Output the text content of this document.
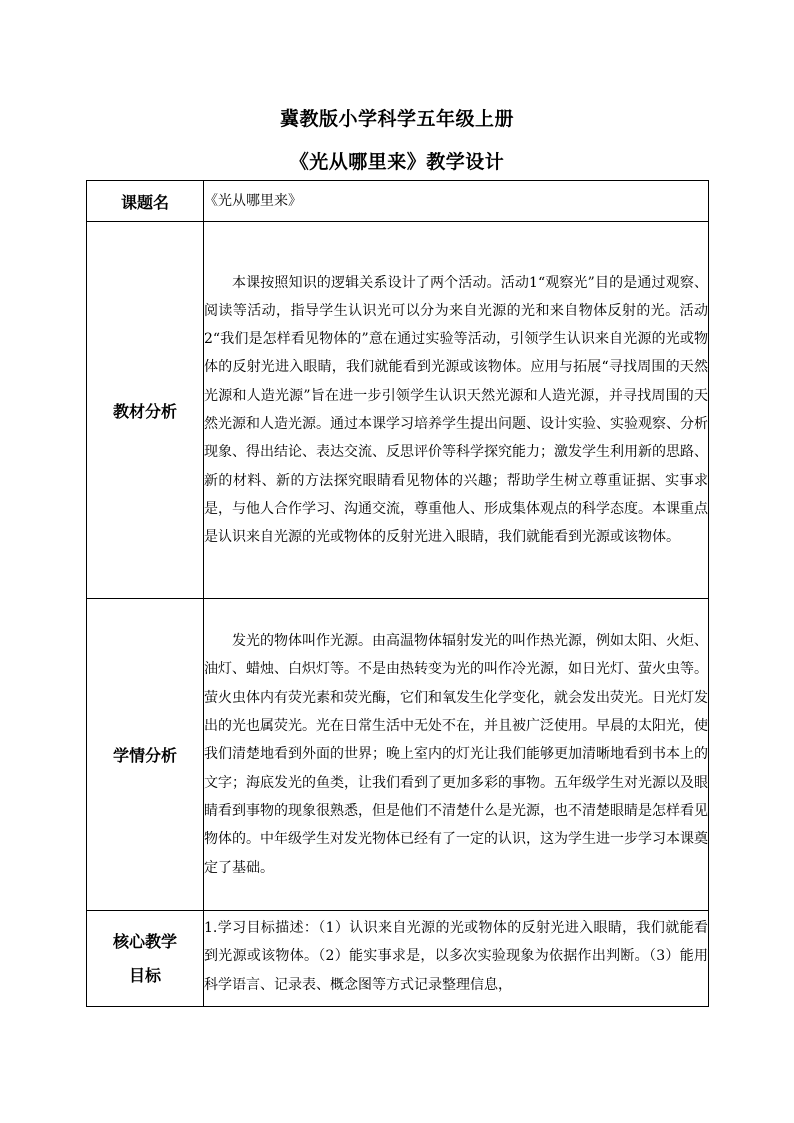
冀教版小学科学五年级上册
《光从哪里来》教学设计
课题名	《光从哪里来》
教材分析	本课按照知识的逻辑关系设计了两个活动。活动1“观察光”目的是通过观察、阅读等活动，指导学生认识光可以分为来自光源的光和来自物体反射的光。活动2“我们是怎样看见物体的”意在通过实验等活动，引领学生认识来自光源的光或物体的反射光进入眼睛，我们就能看到光源或该物体。应用与拓展“寻找周围的天然光源和人造光源”旨在进一步引领学生认识天然光源和人造光源，并寻找周围的天然光源和人造光源。通过本课学习培养学生提出问题、设计实验、实验观察、分析现象、得出结论、表达交流、反思评价等科学探究能力；激发学生利用新的思路、新的材料、新的方法探究眼睛看见物体的兴趣；帮助学生树立尊重证据、实事求是，与他人合作学习、沟通交流，尊重他人、形成集体观点的科学态度。本课重点是认识来自光源的光或物体的反射光进入眼睛，我们就能看到光源或该物体。

学情分析	发光的物体叫作光源。由高温物体辐射发光的叫作热光源，例如太阳、火炬、油灯、蜡烛、白炽灯等。不是由热转变为光的叫作冷光源，如日光灯、萤火虫等。萤火虫体内有荧光素和荧光酶，它们和氧发生化学变化，就会发出荧光。日光灯发出的光也属荧光。光在日常生活中无处不在，并且被广泛使用。早晨的太阳光，使我们清楚地看到外面的世界；晚上室内的灯光让我们能够更加清晰地看到书本上的文字；海底发光的鱼类，让我们看到了更加多彩的事物。五年级学生对光源以及眼睛看到事物的现象很熟悉，但是他们不清楚什么是光源，也不清楚眼睛是怎样看见物体的。中年级学生对发光物体已经有了一定的认识，这为学生进一步学习本课奠定了基础。

核心教学
目标	1.学习目标描述：（1）认识来自光源的光或物体的反射光进入眼睛，我们就能看到光源或该物体。（2）能实事求是，以多次实验现象为依据作出判断。（3）能用科学语言、记录表、概念图等方式记录整理信息，
